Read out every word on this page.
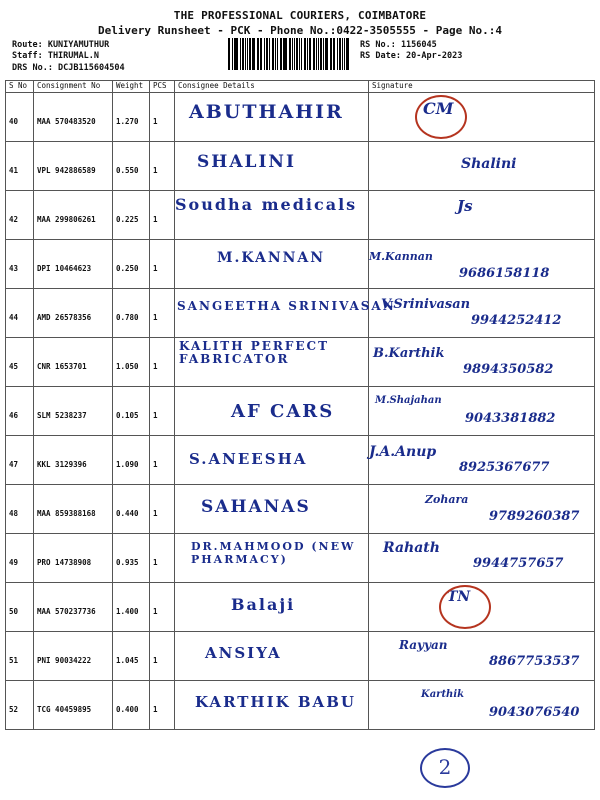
THE PROFESSIONAL COURIERS, COIMBATORE
Delivery Runsheet - PCK - Phone No.:0422-3505555 - Page No.:4
Route: KUNIYAMUTHUR
Staff: THIRUMAL.N
DRS No.: DCJB115604504
RS No.: 1156045
RS Date: 20-Apr-2023
S No	Consignment No	Weight	PCS	Consignee Details	Signature
40	MAA 570483520	1.270	1	ABUTHAHIR	CM

41	VPL 942886589	0.550	1	SHALINI	Shalini

42	MAA 299806261	0.225	1	Soudha medicals	Js

43	DPI 10464623	0.250	1	M.KANNAN	M.Kannan
9686158118

44	AMD 26578356	0.780	1	SANGEETHA SRINIVASAN	V.Srinivasan
9944252412

45	CNR 1653701	1.050	1	KALITH PERFECT FABRICATOR	B.Karthik
9894350582

46	SLM 5238237	0.105	1	AF CARS	M.Shajahan
9043381882

47	KKL 3129396	1.090	1	S.ANEESHA	J.A.Anup
8925367677

48	MAA 859388168	0.440	1	SAHANAS	Zohara
9789260387

49	PRO 14738908	0.935	1	DR.MAHMOOD (NEW PHARMACY)	Rahath
9944757657

50	MAA 570237736	1.400	1	Balaji	TN

51	PNI 90034222	1.045	1	ANSIYA	Rayyan
8867753537

52	TCG 40459895	0.400	1	KARTHIK BABU	Karthik
9043076540
2
